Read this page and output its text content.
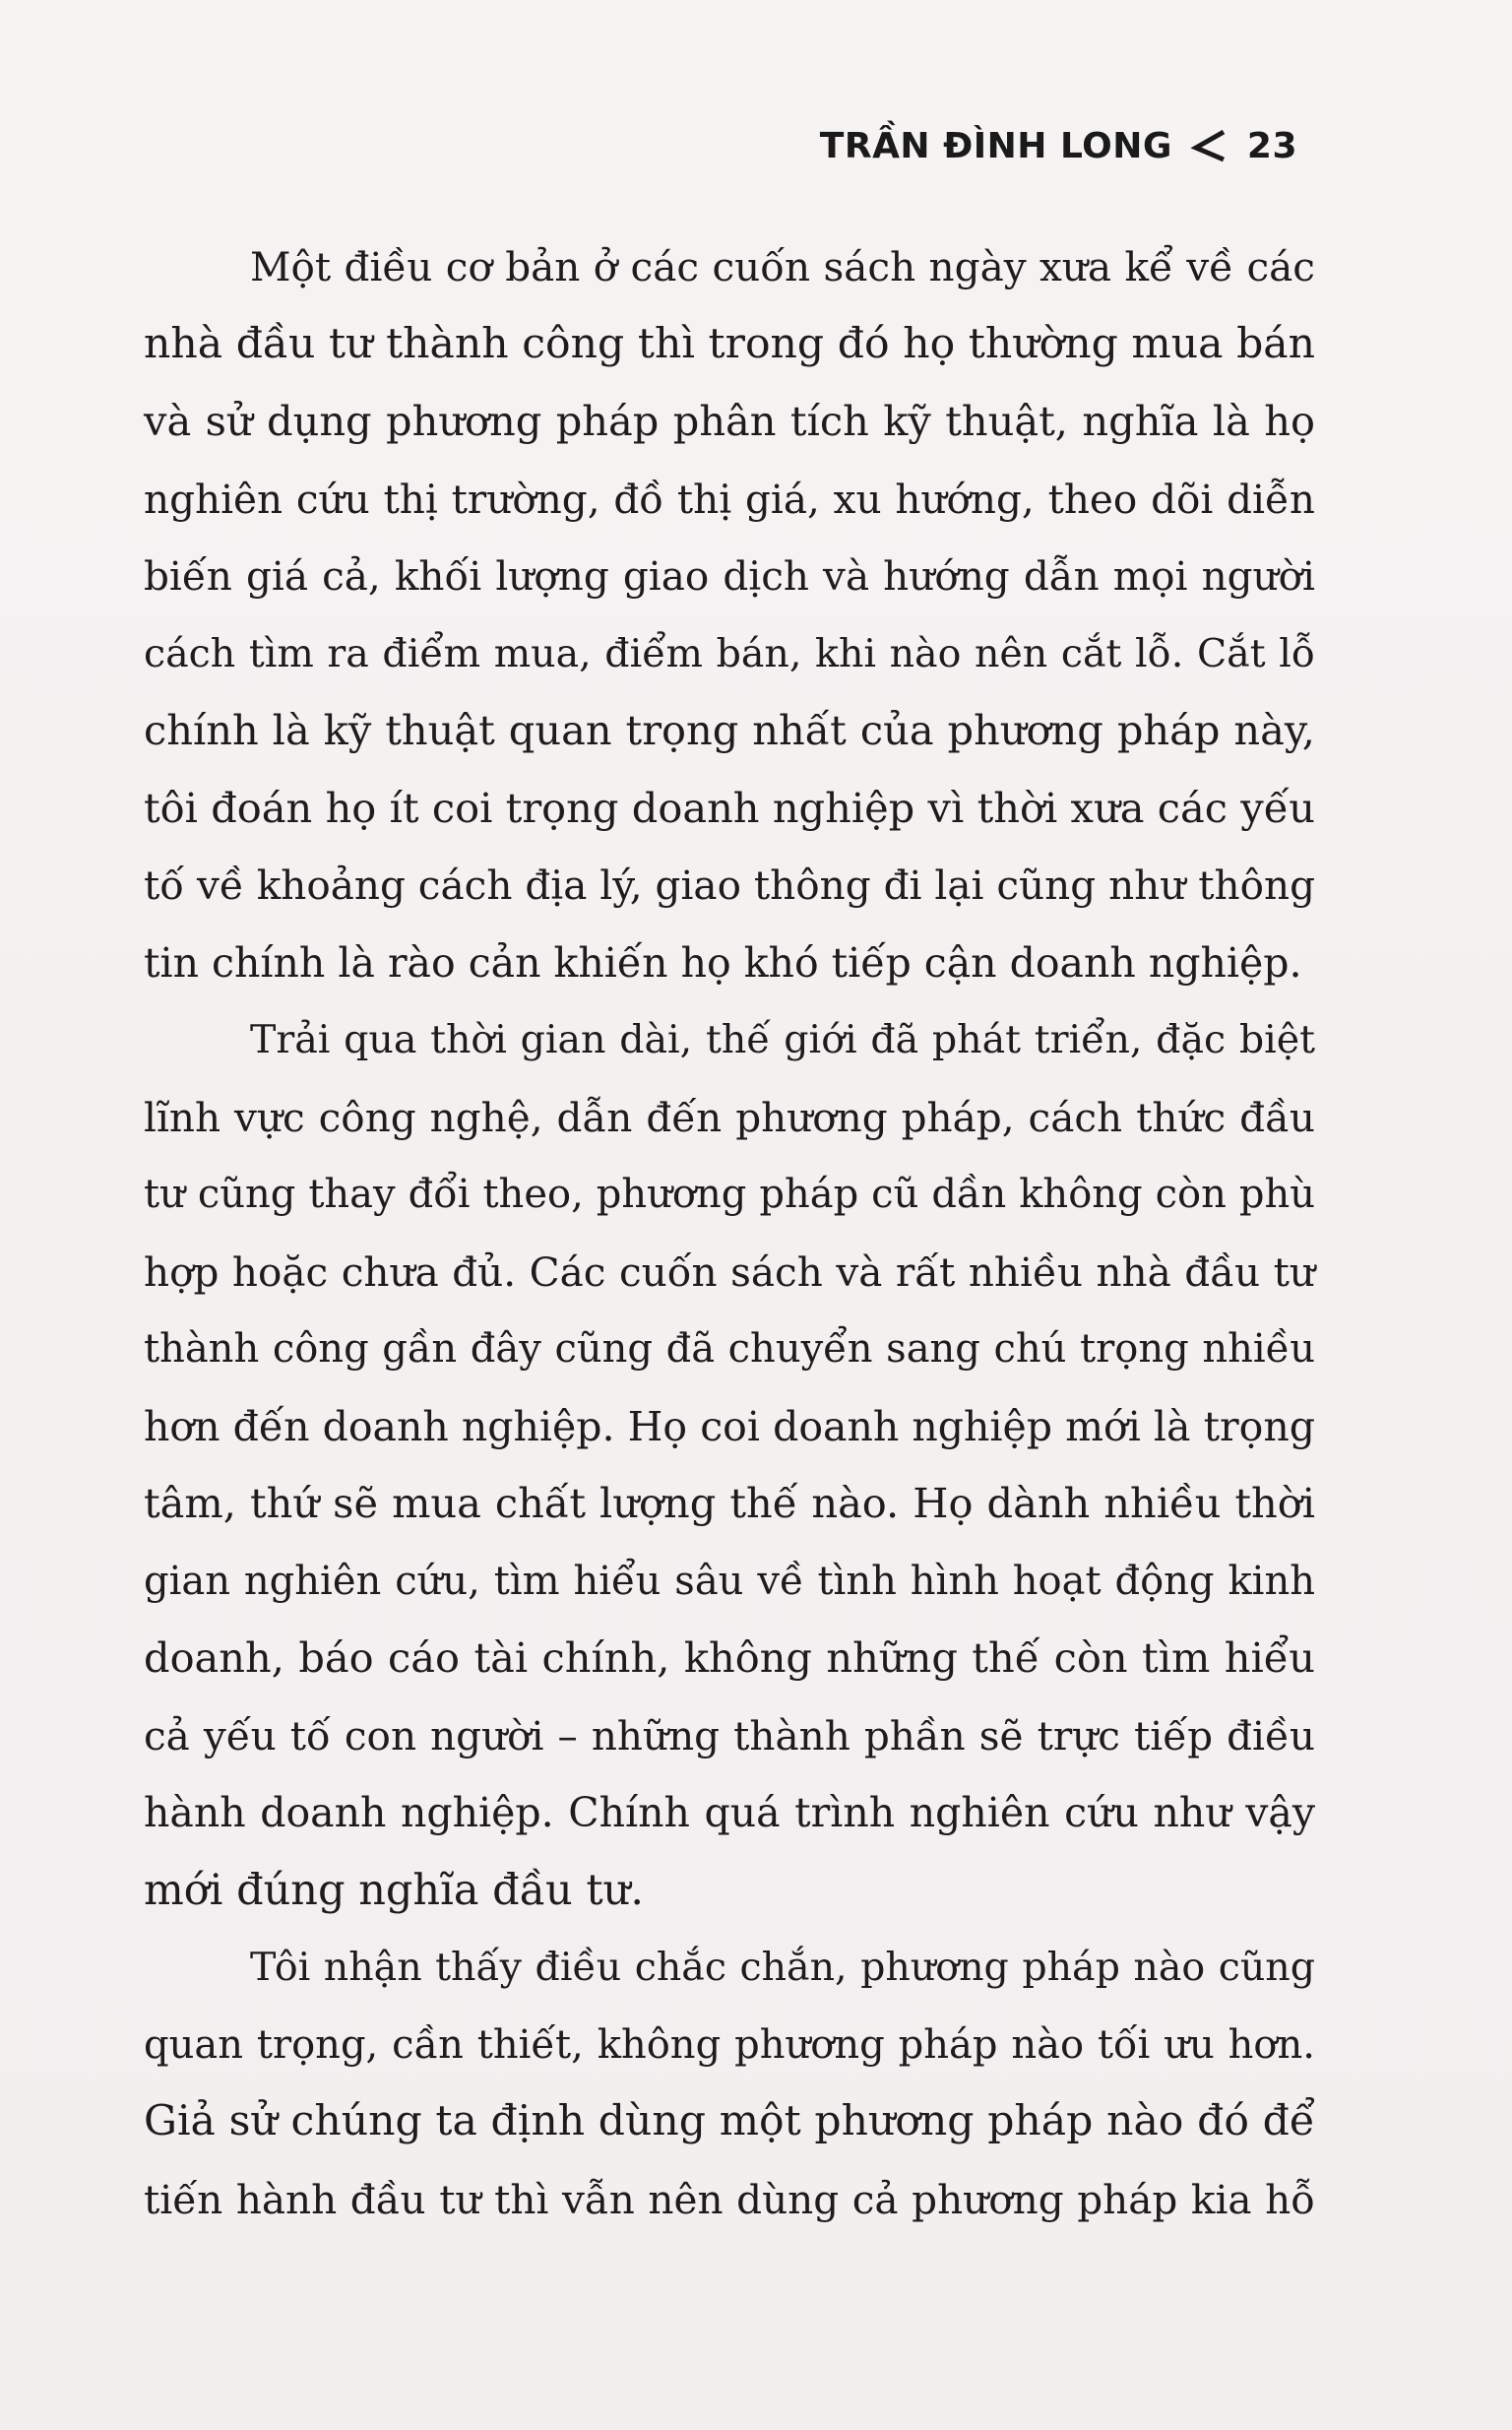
TRẦN ĐÌNH LONG 23
Một điều cơ bản ở các cuốn sách ngày xưa kể về các
nhà đầu tư thành công thì trong đó họ thường mua bán
và sử dụng phương pháp phân tích kỹ thuật, nghĩa là họ
nghiên cứu thị trường, đồ thị giá, xu hướng, theo dõi diễn
biến giá cả, khối lượng giao dịch và hướng dẫn mọi người
cách tìm ra điểm mua, điểm bán, khi nào nên cắt lỗ. Cắt lỗ
chính là kỹ thuật quan trọng nhất của phương pháp này,
tôi đoán họ ít coi trọng doanh nghiệp vì thời xưa các yếu
tố về khoảng cách địa lý, giao thông đi lại cũng như thông
tin chính là rào cản khiến họ khó tiếp cận doanh nghiệp.
Trải qua thời gian dài, thế giới đã phát triển, đặc biệt
lĩnh vực công nghệ, dẫn đến phương pháp, cách thức đầu
tư cũng thay đổi theo, phương pháp cũ dần không còn phù
hợp hoặc chưa đủ. Các cuốn sách và rất nhiều nhà đầu tư
thành công gần đây cũng đã chuyển sang chú trọng nhiều
hơn đến doanh nghiệp. Họ coi doanh nghiệp mới là trọng
tâm, thứ sẽ mua chất lượng thế nào. Họ dành nhiều thời
gian nghiên cứu, tìm hiểu sâu về tình hình hoạt động kinh
doanh, báo cáo tài chính, không những thế còn tìm hiểu
cả yếu tố con người – những thành phần sẽ trực tiếp điều
hành doanh nghiệp. Chính quá trình nghiên cứu như vậy
mới đúng nghĩa đầu tư.
Tôi nhận thấy điều chắc chắn, phương pháp nào cũng
quan trọng, cần thiết, không phương pháp nào tối ưu hơn.
Giả sử chúng ta định dùng một phương pháp nào đó để
tiến hành đầu tư thì vẫn nên dùng cả phương pháp kia hỗ
